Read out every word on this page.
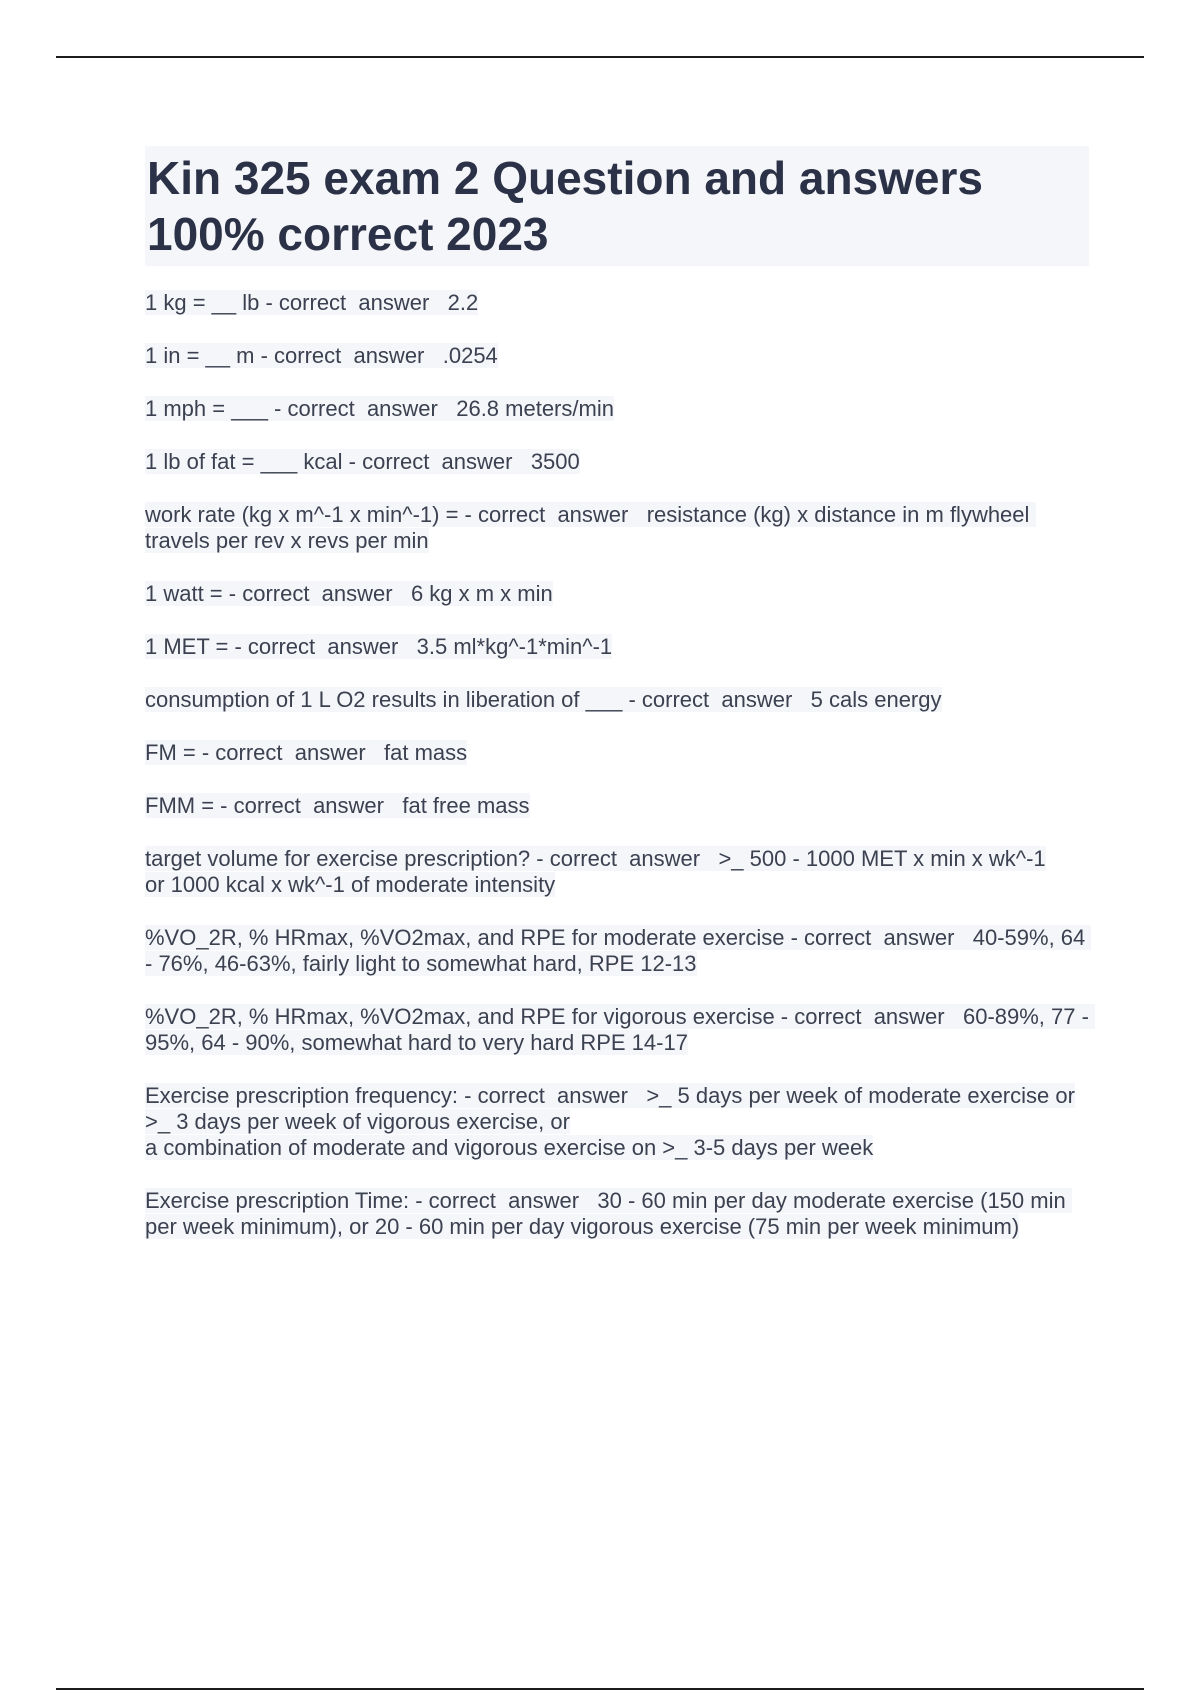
Kin 325 exam 2 Question and answers
100% correct 2023
1 kg = __ lb - correct  answer   2.2
1 in = __ m - correct  answer   .0254
1 mph = ___ - correct  answer   26.8 meters/min
1 lb of fat = ___ kcal - correct  answer   3500
work rate (kg x m^-1 x min^-1) = - correct  answer   resistance (kg) x distance in m flywheel travels per rev x revs per min
1 watt = - correct  answer   6 kg x m x min
1 MET = - correct  answer   3.5 ml*kg^-1*min^-1
consumption of 1 L O2 results in liberation of ___ - correct  answer   5 cals energy
FM = - correct  answer   fat mass
FMM = - correct  answer   fat free mass
target volume for exercise prescription? - correct  answer   >_ 500 - 1000 MET x min x wk^-1
or 1000 kcal x wk^-1 of moderate intensity
%VO_2R, % HRmax, %VO2max, and RPE for moderate exercise - correct  answer   40-59%, 64 - 76%, 46-63%, fairly light to somewhat hard, RPE 12-13
%VO_2R, % HRmax, %VO2max, and RPE for vigorous exercise - correct  answer   60-89%, 77 - 95%, 64 - 90%, somewhat hard to very hard RPE 14-17
Exercise prescription frequency: - correct  answer   >_ 5 days per week of moderate exercise or
>_ 3 days per week of vigorous exercise, or
a combination of moderate and vigorous exercise on >_ 3-5 days per week
Exercise prescription Time: - correct  answer   30 - 60 min per day moderate exercise (150 min per week minimum), or 20 - 60 min per day vigorous exercise (75 min per week minimum)
